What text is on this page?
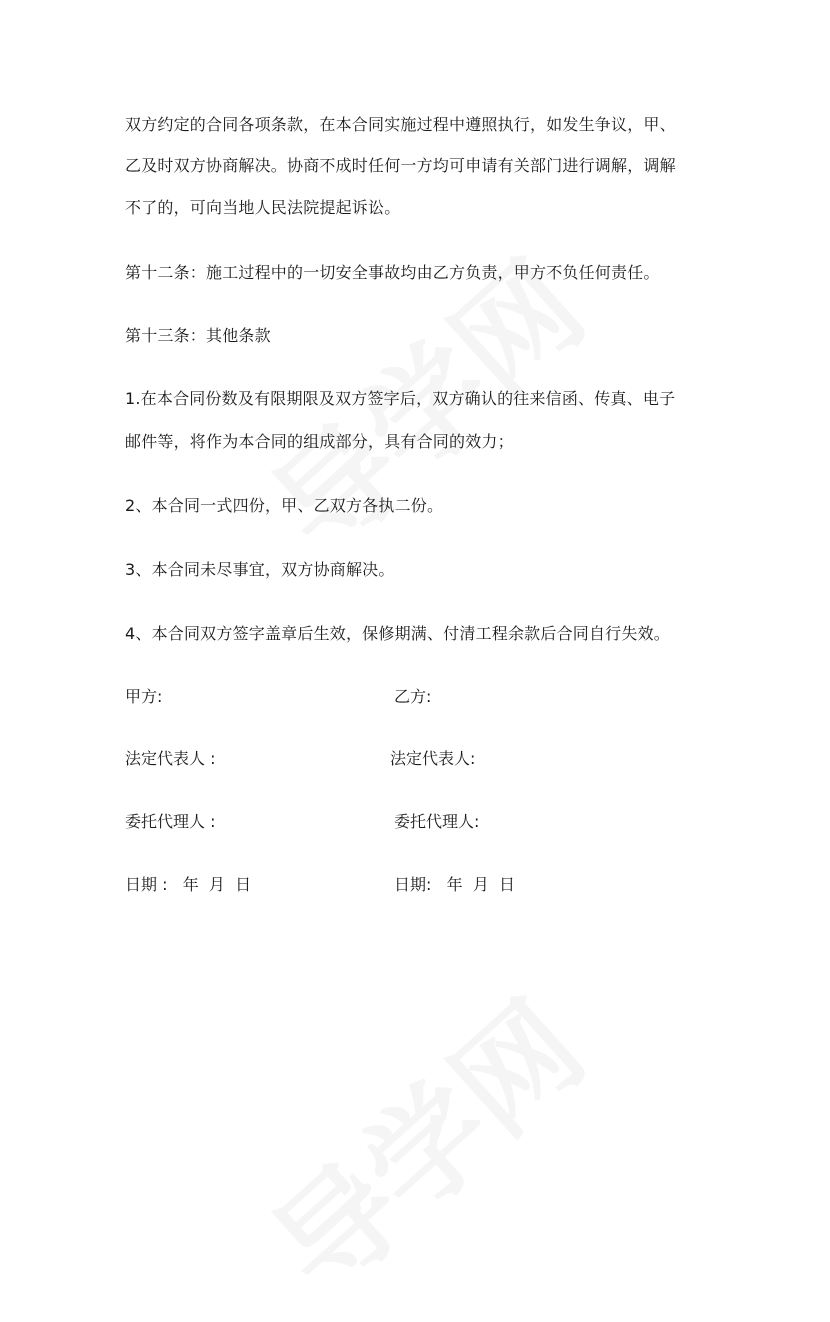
双方约定的合同各项条款，在本合同实施过程中遵照执行，如发生争议，甲、
乙及时双方协商解决。协商不成时任何一方均可申请有关部门进行调解，调解
不了的，可向当地人民法院提起诉讼。
第十二条：施工过程中的一切安全事故均由乙方负责，甲方不负任何责任。
第十三条：其他条款
1.在本合同份数及有限期限及双方签字后，双方确认的往来信函、传真、电子
邮件等，将作为本合同的组成部分，具有合同的效力；
2、本合同一式四份，甲、乙双方各执二份。
3、本合同未尽事宜，双方协商解决。
4、本合同双方签字盖章后生效，保修期满、付清工程余款后合同自行失效。
甲方:	乙方:
法定代表人 :	法定代表人:
委托代理人 :	委托代理人:
日期 :   年  月  日	日期:   年  月  日
